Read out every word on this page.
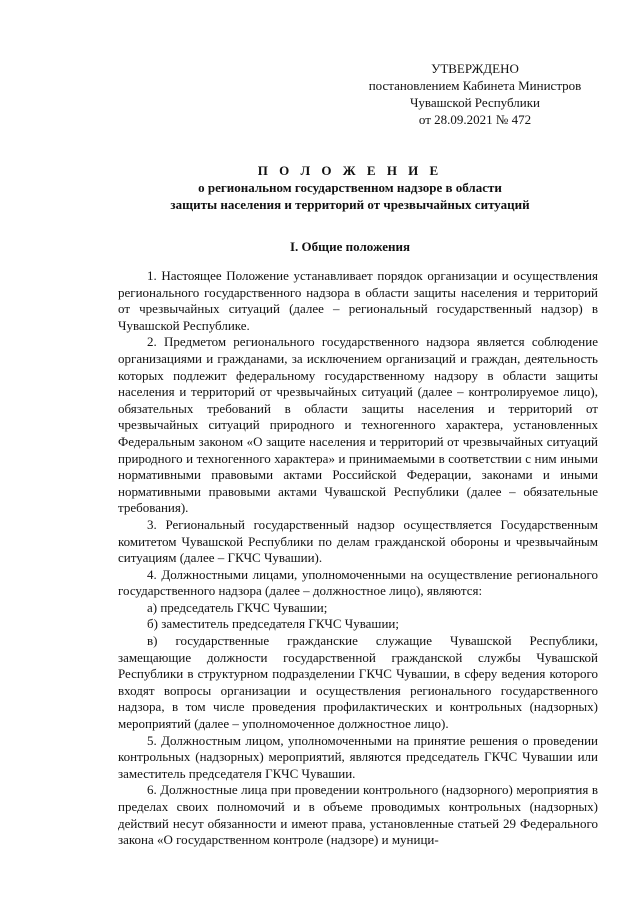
УТВЕРЖДЕНО
постановлением Кабинета Министров
Чувашской Республики
от 28.09.2021 № 472
П О Л О Ж Е Н И Е
о региональном государственном надзоре в области
защиты населения и территорий от чрезвычайных ситуаций
I. Общие положения

1. Настоящее Положение устанавливает порядок организации и осуществления регионального государственного надзора в области защиты населения и территорий от чрезвычайных ситуаций (далее – региональный государственный надзор) в Чувашской Республике.

2. Предметом регионального государственного надзора является соблюдение организациями и гражданами, за исключением организаций и граждан, деятельность которых подлежит федеральному государственному надзору в области защиты населения и территорий от чрезвычайных ситуаций (далее – контролируемое лицо), обязательных требований в области защиты населения и территорий от чрезвычайных ситуаций природного и техногенного характера, установленных Федеральным законом «О защите населения и территорий от чрезвычайных ситуаций природного и техногенного характера» и принимаемыми в соответствии с ним иными нормативными правовыми актами Российской Федерации, законами и иными нормативными правовыми актами Чувашской Республики (далее – обязательные требования).

3. Региональный государственный надзор осуществляется Государственным комитетом Чувашской Республики по делам гражданской обороны и чрезвычайным ситуациям (далее – ГКЧС Чувашии).

4. Должностными лицами, уполномоченными на осуществление регионального государственного надзора (далее – должностное лицо), являются:

а) председатель ГКЧС Чувашии;

б) заместитель председателя ГКЧС Чувашии;

в) государственные гражданские служащие Чувашской Республики, замещающие должности государственной гражданской службы Чувашской Республики в структурном подразделении ГКЧС Чувашии, в сферу ведения которого входят вопросы организации и осуществления регионального государственного надзора, в том числе проведения профилактических и контрольных (надзорных) мероприятий (далее – уполномоченное должностное лицо).

5. Должностным лицом, уполномоченными на принятие решения о проведении контрольных (надзорных) мероприятий, являются председатель ГКЧС Чувашии или заместитель председателя ГКЧС Чувашии.

6. Должностные лица при проведении контрольного (надзорного) мероприятия в пределах своих полномочий и в объеме проводимых контрольных (надзорных) действий несут обязанности и имеют права, установленные статьей 29 Федерального закона «О государственном контроле (надзоре) и муници-
